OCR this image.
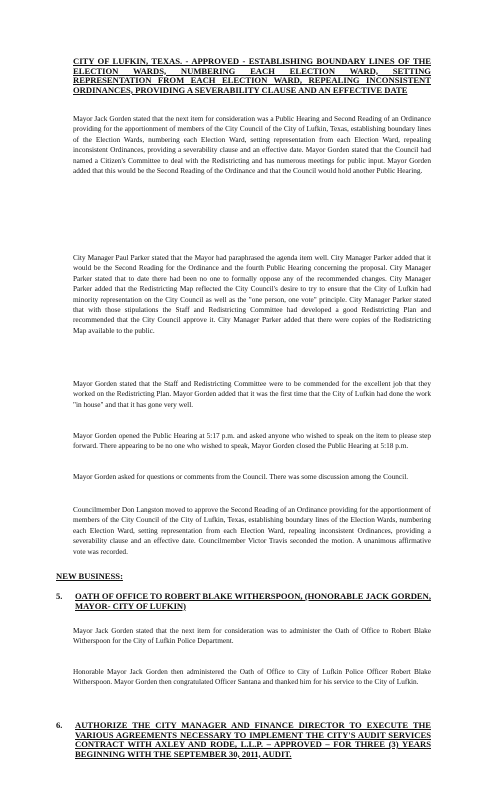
CITY OF LUFKIN, TEXAS. - APPROVED - ESTABLISHING BOUNDARY LINES OF THE ELECTION WARDS, NUMBERING EACH ELECTION WARD, SETTING REPRESENTATION FROM EACH ELECTION WARD, REPEALING INCONSISTENT ORDINANCES, PROVIDING A SEVERABILITY CLAUSE AND AN EFFECTIVE DATE

Mayor Jack Gorden stated that the next item for consideration was a Public Hearing and Second Reading of an Ordinance providing for the apportionment of members of the City Council of the City of Lufkin, Texas, establishing boundary lines of the Election Wards, numbering each Election Ward, setting representation from each Election Ward, repealing inconsistent Ordinances, providing a severability clause and an effective date. Mayor Gorden stated that the Council had named a Citizen's Committee to deal with the Redistricting and has numerous meetings for public input. Mayor Gorden added that this would be the Second Reading of the Ordinance and that the Council would hold another Public Hearing.

City Manager Paul Parker stated that the Mayor had paraphrased the agenda item well. City Manager Parker added that it would be the Second Reading for the Ordinance and the fourth Public Hearing concerning the proposal. City Manager Parker stated that to date there had been no one to formally oppose any of the recommended changes. City Manager Parker added that the Redistricting Map reflected the City Council's desire to try to ensure that the City of Lufkin had minority representation on the City Council as well as the "one person, one vote" principle. City Manager Parker stated that with those stipulations the Staff and Redistricting Committee had developed a good Redistricting Plan and recommended that the City Council approve it. City Manager Parker added that there were copies of the Redistricting Map available to the public.

Mayor Gorden stated that the Staff and Redistricting Committee were to be commended for the excellent job that they worked on the Redistricting Plan. Mayor Gorden added that it was the first time that the City of Lufkin had done the work "in house" and that it has gone very well.

Mayor Gorden opened the Public Hearing at 5:17 p.m. and asked anyone who wished to speak on the item to please step forward. There appearing to be no one who wished to speak, Mayor Gorden closed the Public Hearing at 5:18 p.m.

Mayor Gorden asked for questions or comments from the Council. There was some discussion among the Council.

Councilmember Don Langston moved to approve the Second Reading of an Ordinance providing for the apportionment of members of the City Council of the City of Lufkin, Texas, establishing boundary lines of the Election Wards, numbering each Election Ward, setting representation from each Election Ward, repealing inconsistent Ordinances, providing a severability clause and an effective date. Councilmember Victor Travis seconded the motion. A unanimous affirmative vote was recorded.

NEW BUSINESS:
5. OATH OF OFFICE TO ROBERT BLAKE WITHERSPOON, (HONORABLE JACK GORDEN, MAYOR- CITY OF LUFKIN)

Mayor Jack Gorden stated that the next item for consideration was to administer the Oath of Office to Robert Blake Witherspoon for the City of Lufkin Police Department.

Honorable Mayor Jack Gorden then administered the Oath of Office to City of Lufkin Police Officer Robert Blake Witherspoon. Mayor Gorden then congratulated Officer Santana and thanked him for his service to the City of Lufkin.

6. AUTHORIZE THE CITY MANAGER AND FINANCE DIRECTOR TO EXECUTE THE VARIOUS AGREEMENTS NECESSARY TO IMPLEMENT THE CITY'S AUDIT SERVICES CONTRACT WITH AXLEY AND RODE, L.L.P. – APPROVED – FOR THREE (3) YEARS BEGINNING WITH THE SEPTEMBER 30, 2011, AUDIT.
